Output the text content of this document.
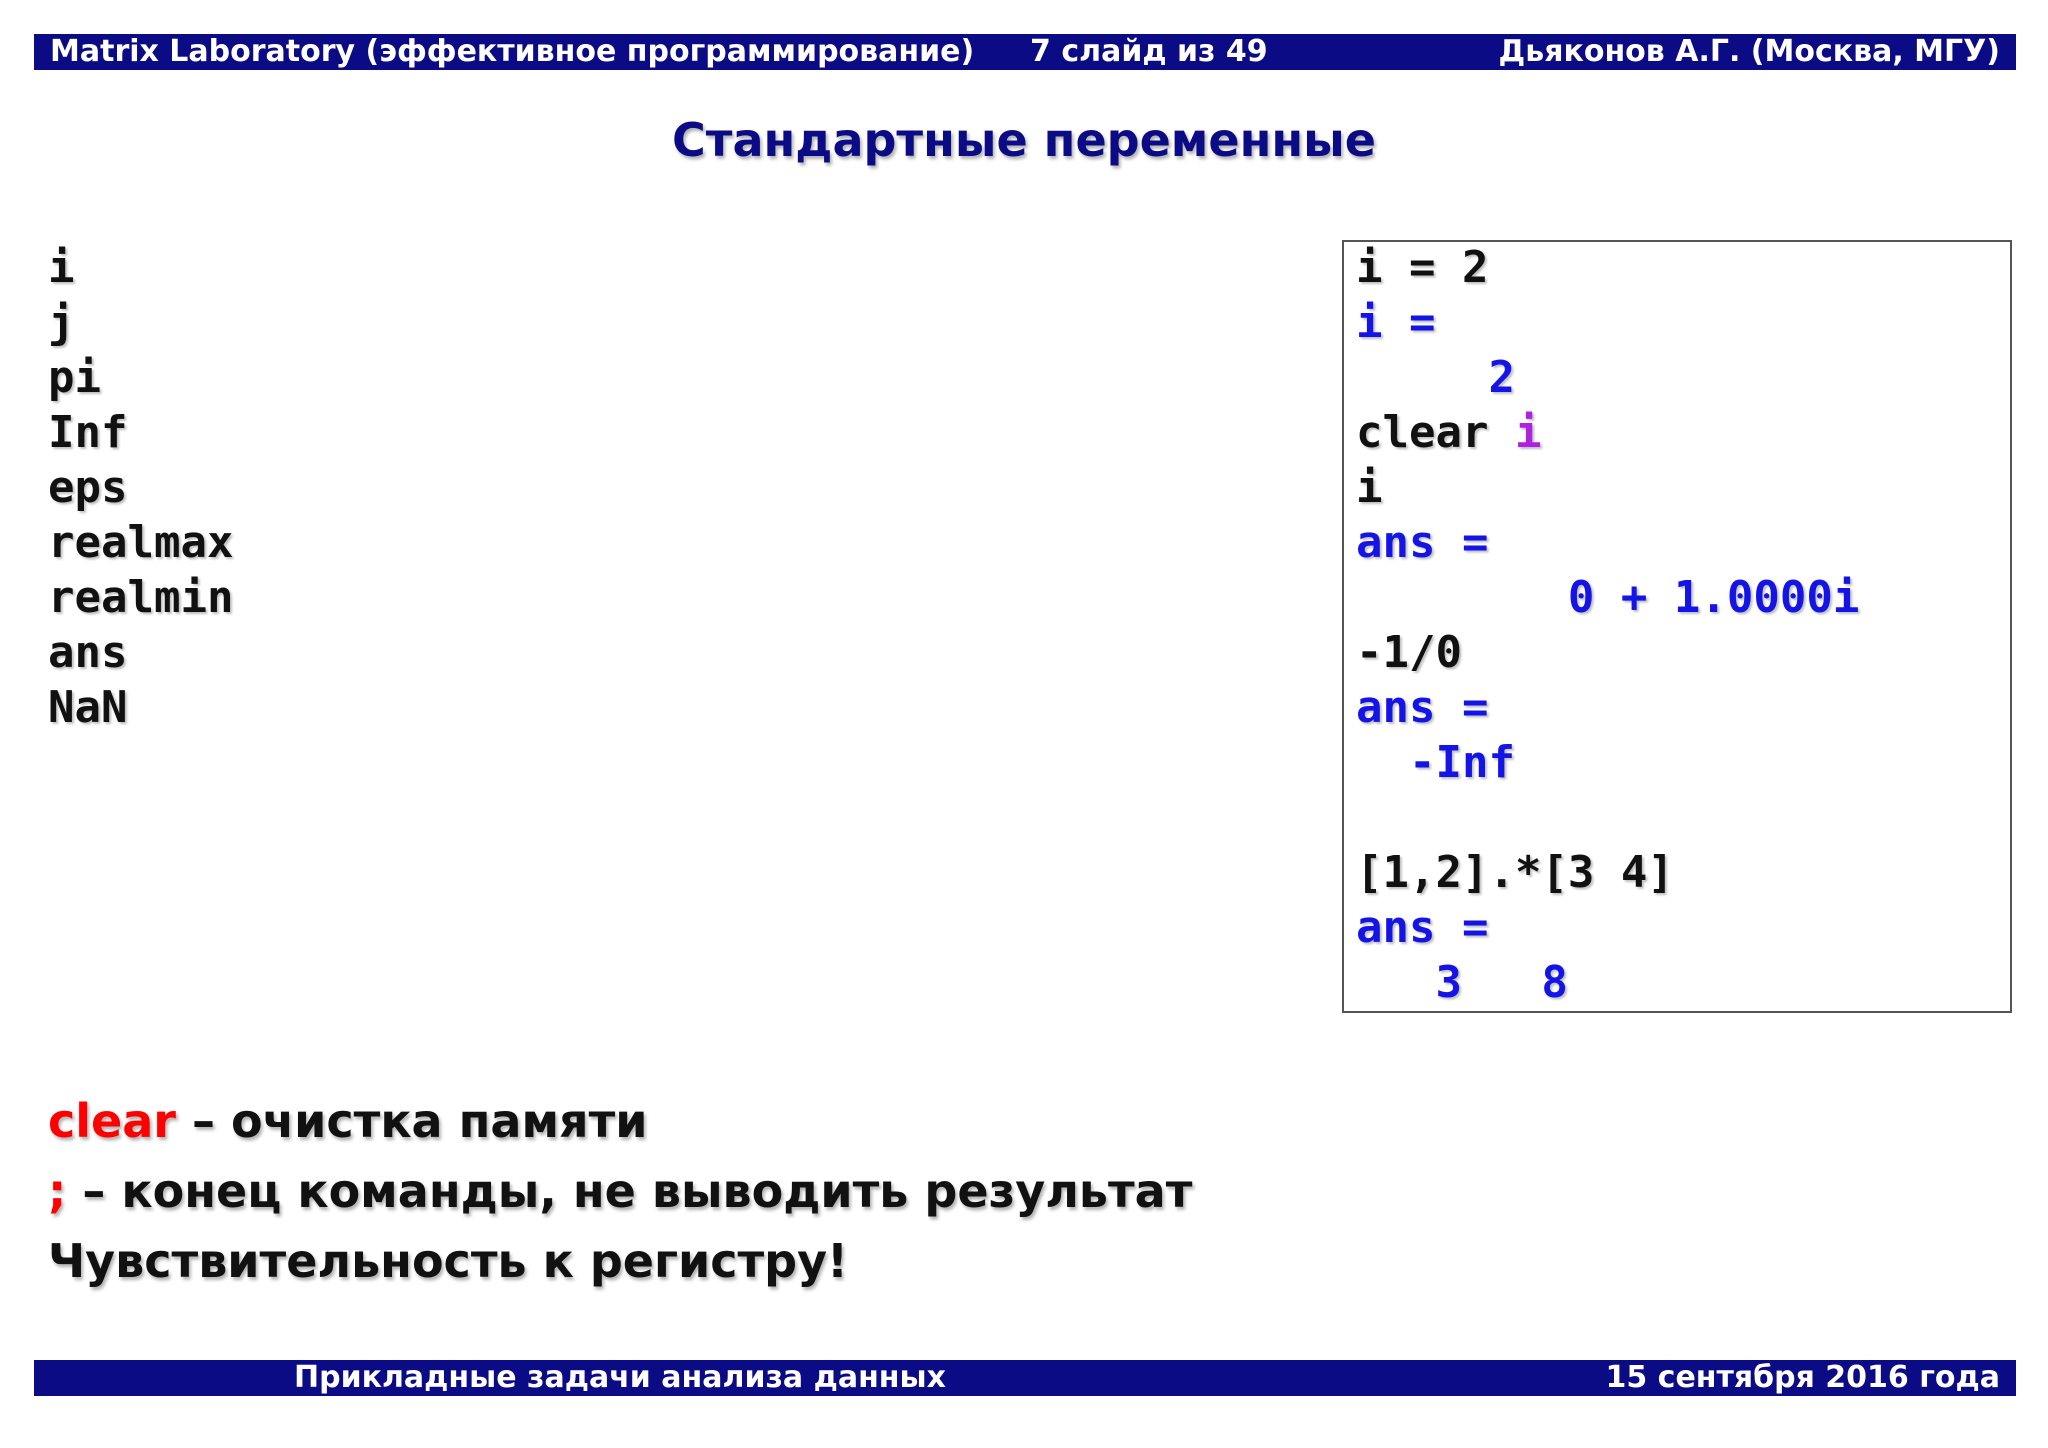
Matrix Laboratory (эффективное программирование) 7 слайд из 49	Дьяконов А.Г. (Москва, МГУ)
Стандартные переменные
i
j
pi
Inf
eps
realmax
realmin
ans
NaN
i = 2
i =
2
clear i
i
ans =
0 + 1.0000i
-1/0
ans =
-Inf
[1,2].*[3 4]
ans =
3   8
clear – очистка памяти
; – конец команды, не выводить результат
Чувствительность к регистру!
Прикладные задачи анализа данных	15 сентября 2016 года
